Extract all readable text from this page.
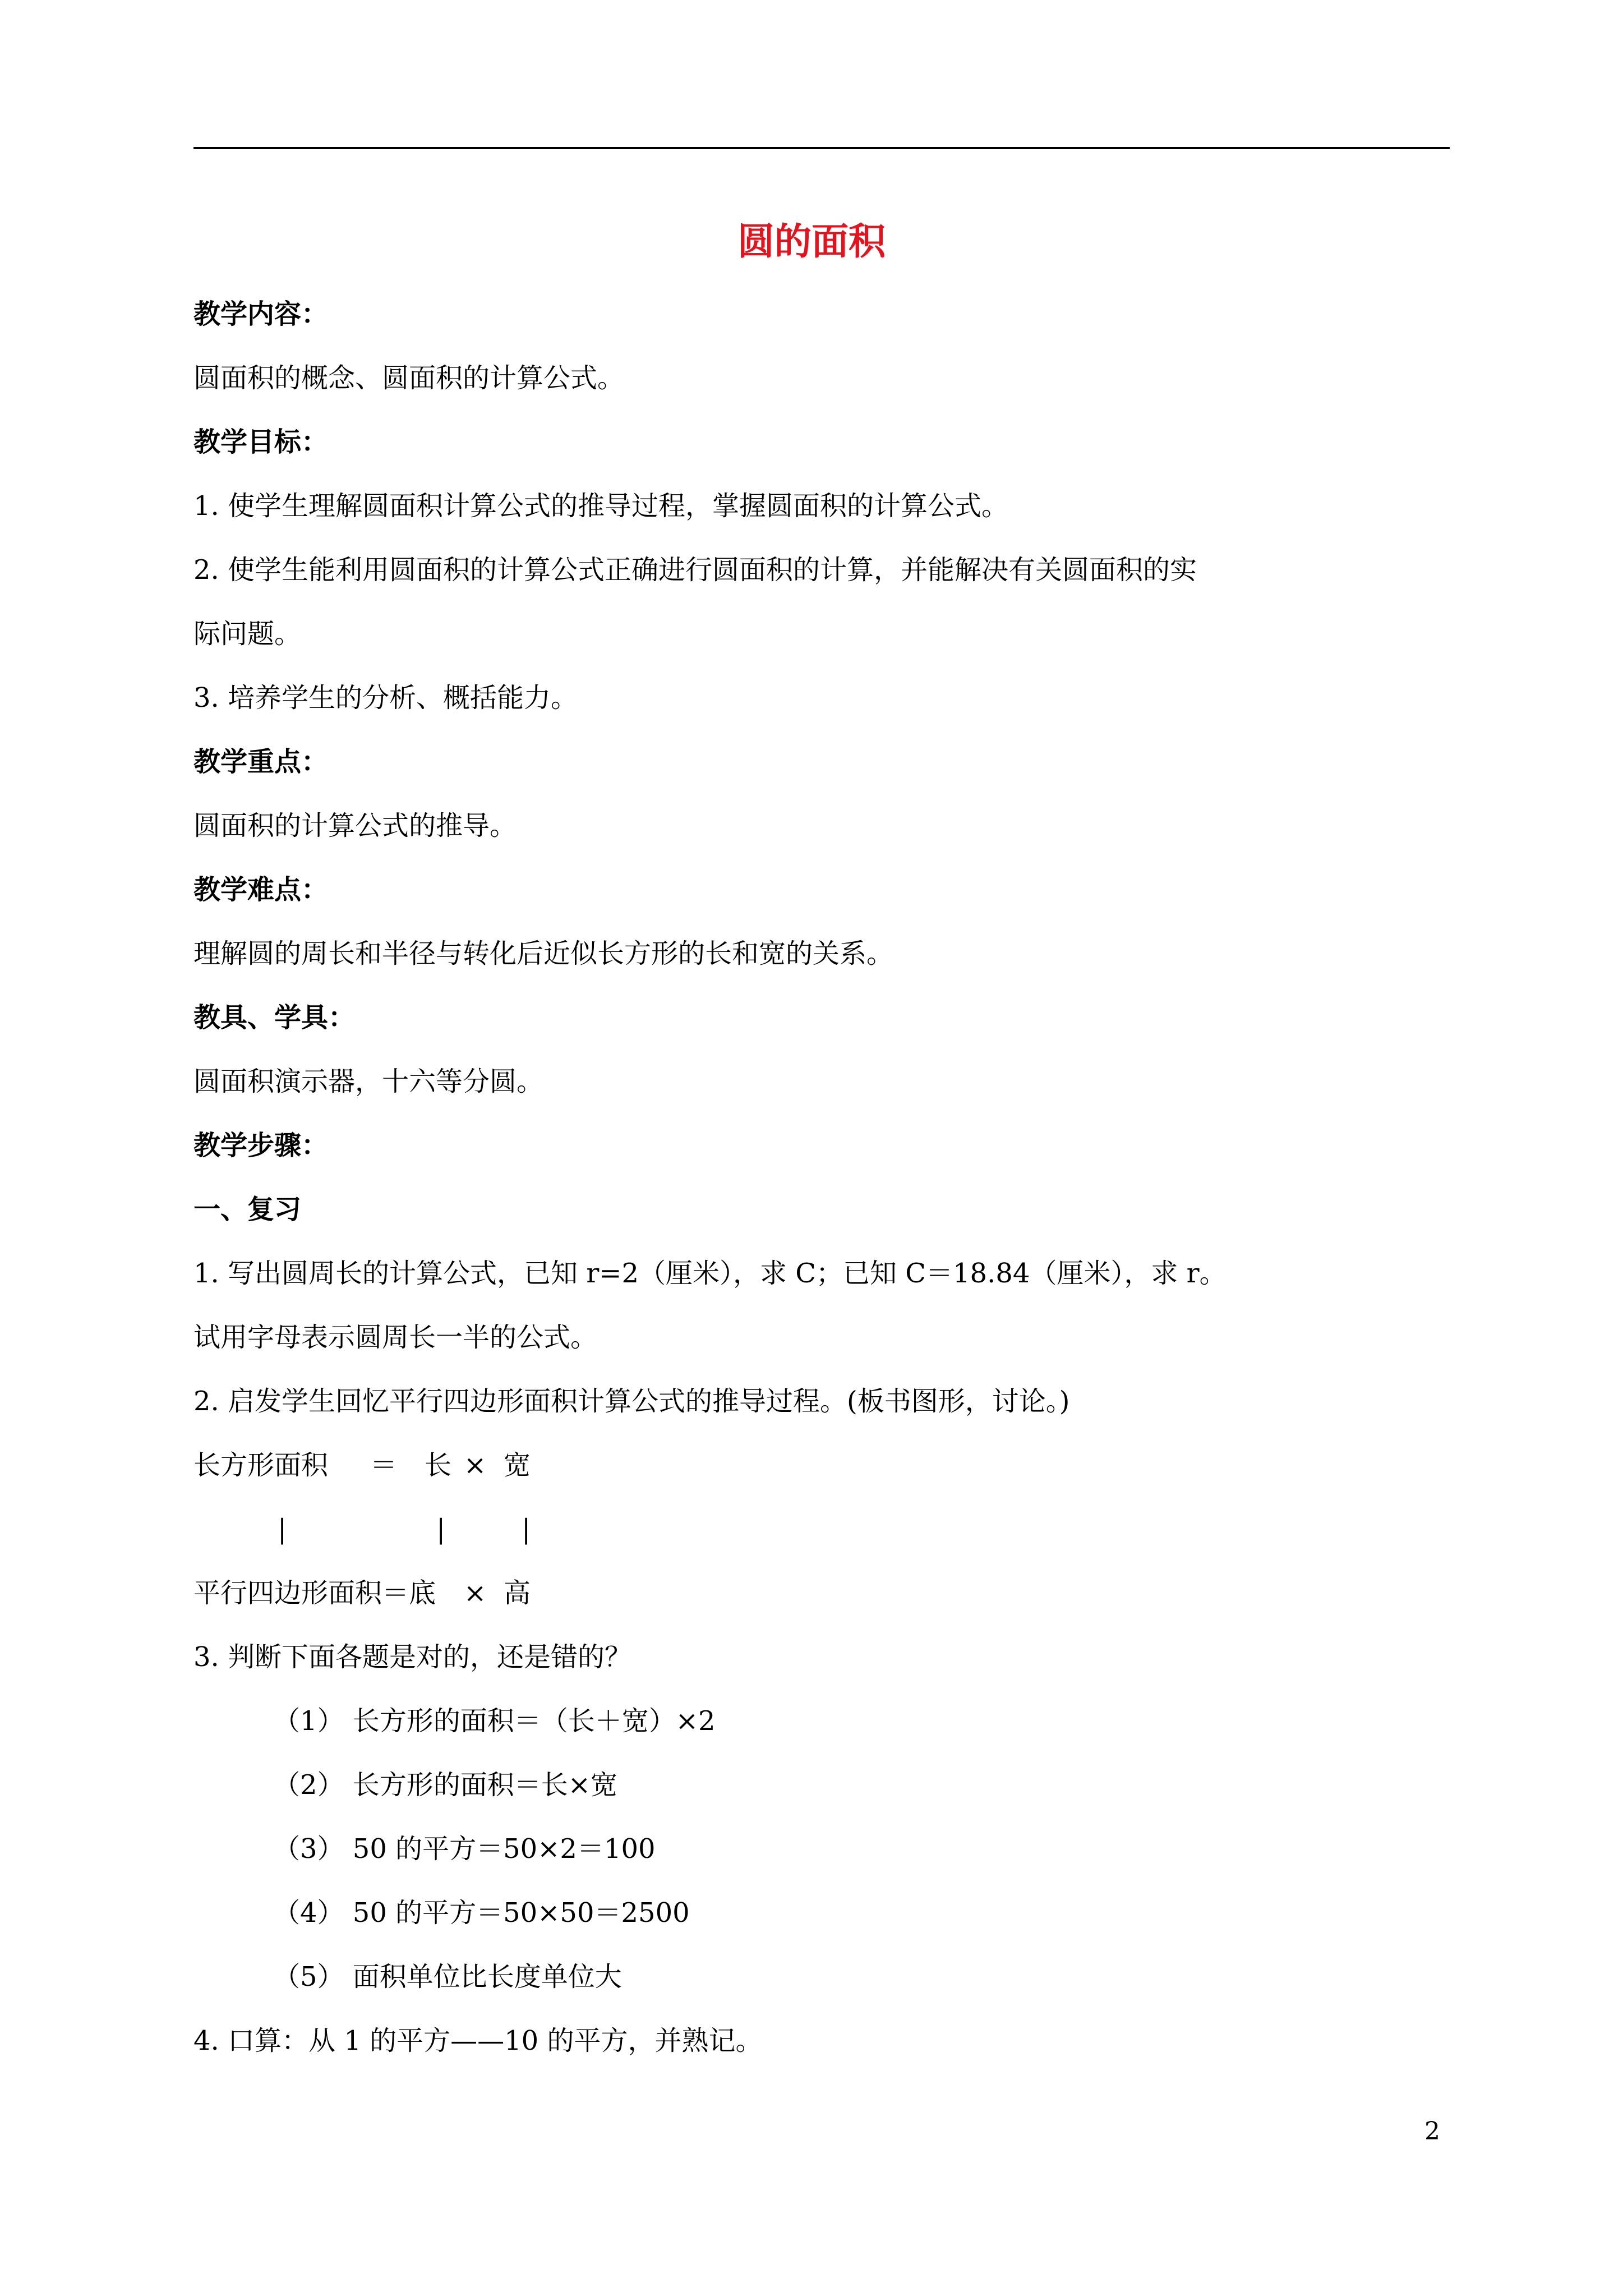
圆的面积
教学内容：
圆面积的概念、圆面积的计算公式。
教学目标：
1. 使学生理解圆面积计算公式的推导过程，掌握圆面积的计算公式。
2. 使学生能利用圆面积的计算公式正确进行圆面积的计算，并能解决有关圆面积的实
际问题。
3. 培养学生的分析、概括能力。
教学重点：
圆面积的计算公式的推导。
教学难点：
理解圆的周长和半径与转化后近似长方形的长和宽的关系。
教具、学具：
圆面积演示器，十六等分圆。
教学步骤：
一、复习
1. 写出圆周长的计算公式，已知 r=2（厘米），求 C；已知 C＝18.84（厘米），求 r。
试用字母表示圆周长一半的公式。
2. 启发学生回忆平行四边形面积计算公式的推导过程。(板书图形，讨论。)
长方形面积 ＝ 长 × 宽
|	|	|
平行四边形面积＝底 × 高
3. 判断下面各题是对的，还是错的？
（1） 长方形的面积＝（长＋宽）×2
（2） 长方形的面积＝长×宽
（3） 50 的平方＝50×2＝100
（4） 50 的平方＝50×50＝2500
（5） 面积单位比长度单位大
4. 口算：从 1 的平方——10 的平方，并熟记。
2
